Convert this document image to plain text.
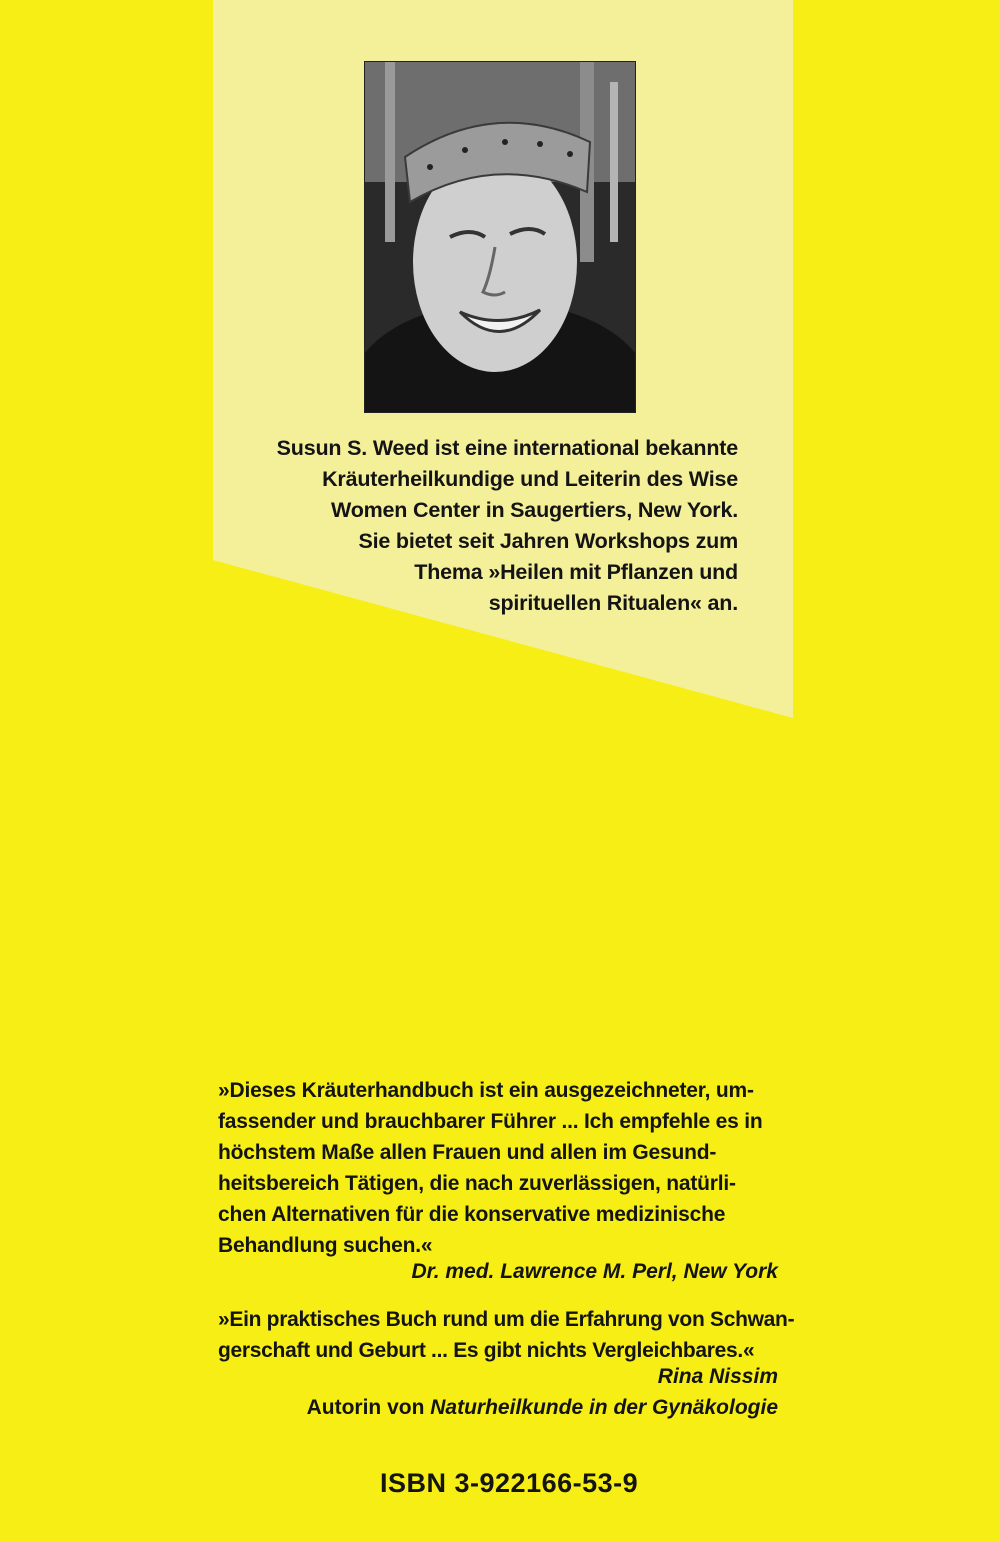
Susun S. Weed ist eine international bekannte
Kräuterheilkundige und Leiterin des Wise
Women Center in Saugertiers, New York.
Sie bietet seit Jahren Workshops zum
Thema »Heilen mit Pflanzen und
spirituellen Ritualen« an.
»Dieses Kräuterhandbuch ist ein ausgezeichneter, um-
fassender und brauchbarer Führer ... Ich empfehle es in
höchstem Maße allen Frauen und allen im Gesund-
heitsbereich Tätigen, die nach zuverlässigen, natürli-
chen Alternativen für die konservative medizinische
Behandlung suchen.«
Dr. med. Lawrence M. Perl, New York
»Ein praktisches Buch rund um die Erfahrung von Schwan-
gerschaft und Geburt ... Es gibt nichts Vergleichbares.«
Rina Nissim
Autorin von Naturheilkunde in der Gynäkologie
ISBN 3-922166-53-9
